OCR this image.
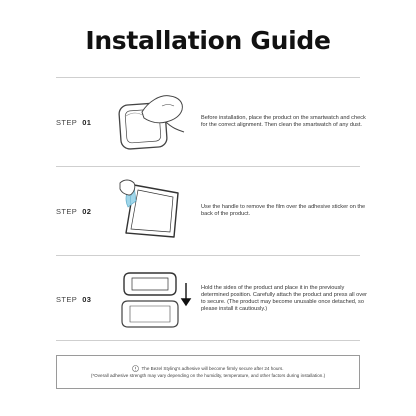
Installation Guide
STEP 01	Before installation, place the product on the smartwatch and check for the correct alignment. Then clean the smartwatch of any dust.
STEP 02	Use the handle to remove the film over the adhesive sticker on the back of the product.
STEP 03
Hold the sides of the product and place it in the previously determined position. Carefully attach the product and press all over to secure. (The product may become unusable once detached, so please install it cautiously.)
The Bezel Styling's adhesive will become firmly secure after 24 hours.
(*Overall adhesive strength may vary depending on the humidity, temperature, and other factors during installation.)
